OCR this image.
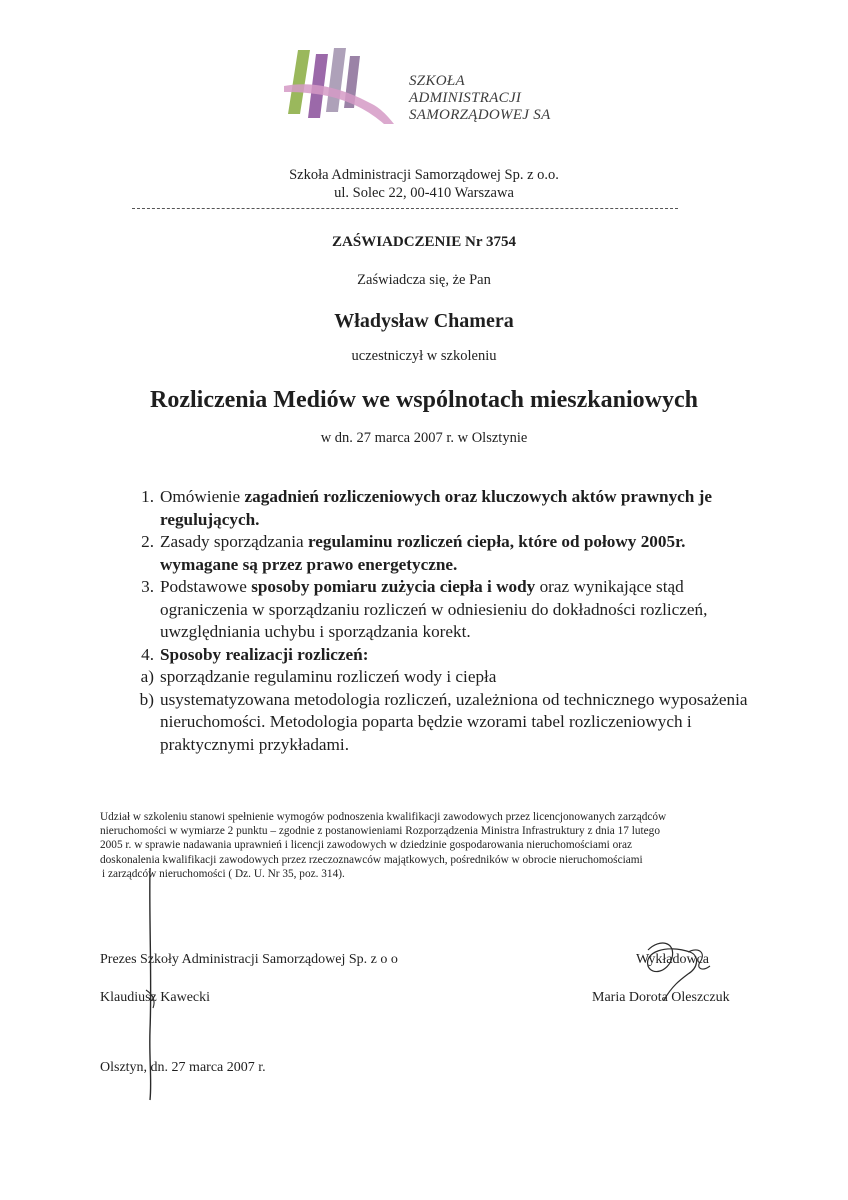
SZKOŁA
ADMINISTRACJI
SAMORZĄDOWEJ SA
Szkoła Administracji Samorządowej Sp. z o.o.
ul. Solec 22, 00-410 Warszawa
ZAŚWIADCZENIE Nr 3754
Zaświadcza się, że Pan
Władysław Chamera
uczestniczył w szkoleniu
Rozliczenia Mediów we wspólnotach mieszkaniowych
w dn. 27 marca 2007 r. w Olsztynie
1. Omówienie zagadnień rozliczeniowych oraz kluczowych aktów prawnych je regulujących.
2. Zasady sporządzania regulaminu rozliczeń ciepła, które od połowy 2005r. wymagane są przez prawo energetyczne.
3. Podstawowe sposoby pomiaru zużycia ciepła i wody oraz wynikające stąd ograniczenia w sporządzaniu rozliczeń w odniesieniu do dokładności rozliczeń, uwzględniania uchybu i sporządzania korekt.
4. Sposoby realizacji rozliczeń:
a) sporządzanie regulaminu rozliczeń wody i ciepła
b) usystematyzowana metodologia rozliczeń, uzależniona od technicznego wyposażenia nieruchomości. Metodologia poparta będzie wzorami tabel rozliczeniowych i praktycznymi przykładami.
Udział w szkoleniu stanowi spełnienie wymogów podnoszenia kwalifikacji zawodowych przez licencjonowanych zarządców
nieruchomości w wymiarze 2 punktu – zgodnie z postanowieniami Rozporządzenia Ministra Infrastruktury z dnia 17 lutego
2005 r. w sprawie nadawania uprawnień i licencji zawodowych w dziedzinie gospodarowania nieruchomościami oraz
doskonalenia kwalifikacji zawodowych przez rzeczoznawców majątkowych, pośredników w obrocie nieruchomościami
i zarządców nieruchomości ( Dz. U. Nr 35, poz. 314).
Prezes Szkoły Administracji Samorządowej Sp. z o o
Klaudiusz Kawecki
Wykładowca
Maria Dorota Oleszczuk
Olsztyn, dn. 27 marca 2007 r.
